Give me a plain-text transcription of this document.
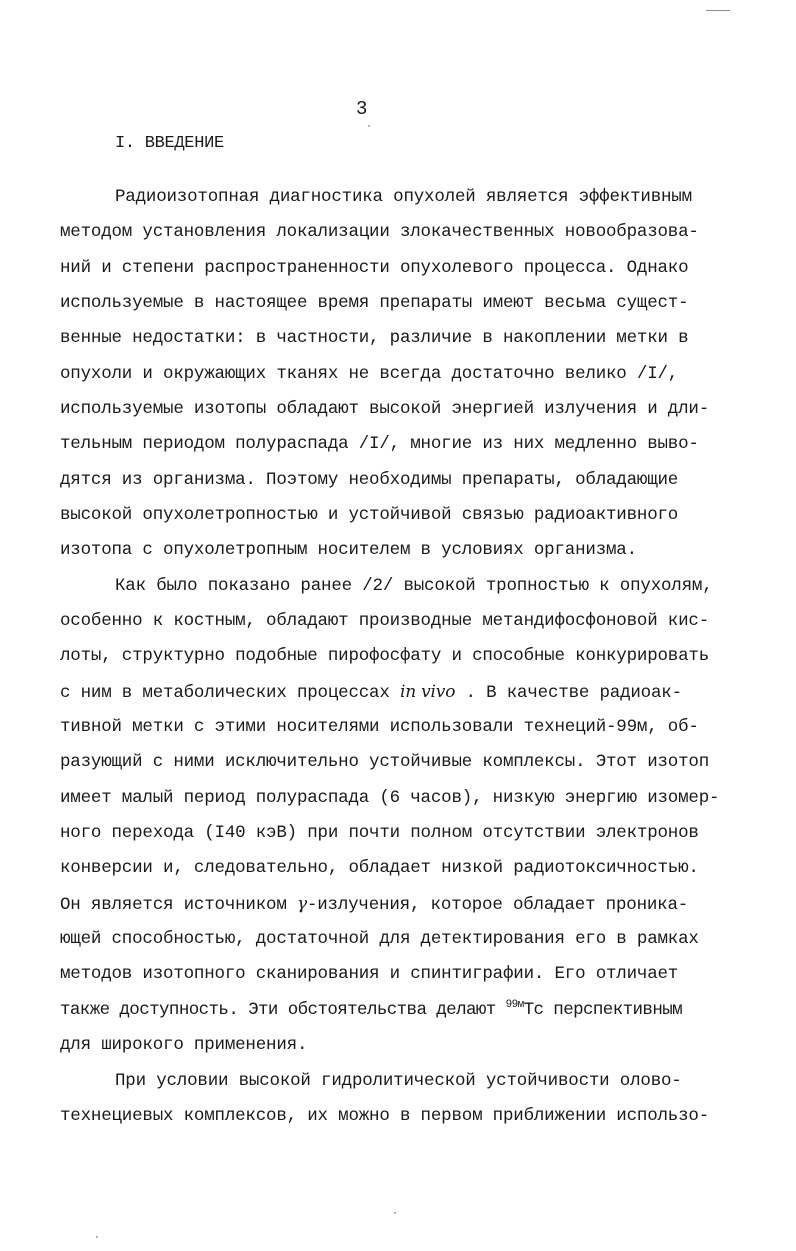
3
I. ВВЕДЕНИЕ
Радиоизотопная диагностика опухолей является эффективным
методом установления локализации злокачественных новообразова-
ний и степени распространенности опухолевого процесса. Однако
используемые в настоящее время препараты имеют весьма сущест-
венные недостатки: в частности, различие в накоплении метки в
опухоли и окружающих тканях не всегда достаточно велико /I/,
используемые изотопы обладают высокой энергией излучения и дли-
тельным периодом полураспада /I/, многие из них медленно выво-
дятся из организма. Поэтому необходимы препараты, обладающие
высокой опухолетропностью и устойчивой связью радиоактивного
изотопа с опухолетропным носителем в условиях организма.
Как было показано ранее /2/ высокой тропностью к опухолям,
особенно к костным, обладают производные метандифосфоновой кис-
лоты, структурно подобные пирофосфату и способные конкурировать
с ним в метаболических процессах in vivo . В качестве радиоак-
тивной метки с этими носителями использовали технеций-99м, об-
разующий с ними исключительно устойчивые комплексы. Этот изотоп
имеет малый период полураспада (6 часов), низкую энергию изомер-
ного перехода (I40 кэВ) при почти полном отсутствии электронов
конверсии и, следовательно, обладает низкой радиотоксичностью.
Он является источником γ-излучения, которое обладает проника-
ющей способностью, достаточной для детектирования его в рамках
методов изотопного сканирования и спинтиграфии. Его отличает
также доступность. Эти обстоятельства делают $^{99м}$Тс перспективным
для широкого применения.
При условии высокой гидролитической устойчивости олово-
технециевых комплексов, их можно в первом приближении использо-
